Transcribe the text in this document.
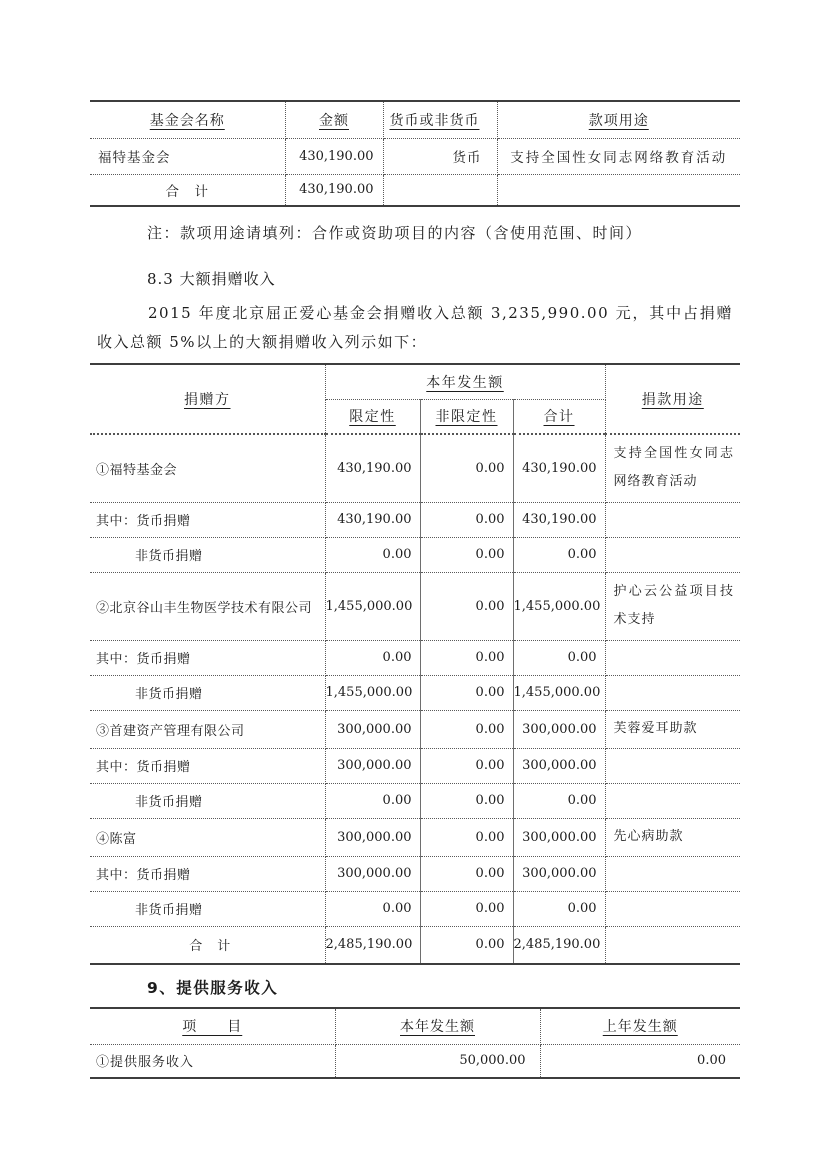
基金会名称	金额	货币或非货币	款项用途
福特基金会	430,190.00	货币	支持全国性女同志网络教育活动
合　计	430,190.00		
注：款项用途请填列：合作或资助项目的内容（含使用范围、时间）
8.3 大额捐赠收入
2015 年度北京屈正爱心基金会捐赠收入总额 3,235,990.00 元，其中占捐赠收入总额 5%以上的大额捐赠收入列示如下：
捐赠方	本年发生额			捐款用途
	限定性	非限定性	合计	
①福特基金会	430,190.00	0.00	430,190.00	支持全国性女同志网络教育活动
其中：货币捐赠	430,190.00	0.00	430,190.00	
非货币捐赠	0.00	0.00	0.00	
②北京谷山丰生物医学技术有限公司	1,455,000.00	0.00	1,455,000.00	护心云公益项目技术支持
其中：货币捐赠	0.00	0.00	0.00	
非货币捐赠	1,455,000.00	0.00	1,455,000.00	
③首建资产管理有限公司	300,000.00	0.00	300,000.00	芙蓉爱耳助款
其中：货币捐赠	300,000.00	0.00	300,000.00	
非货币捐赠	0.00	0.00	0.00	
④陈富	300,000.00	0.00	300,000.00	先心病助款
其中：货币捐赠	300,000.00	0.00	300,000.00	
非货币捐赠	0.00	0.00	0.00	
合　计	2,485,190.00	0.00	2,485,190.00	
9、提供服务收入
项　　目	本年发生额	上年发生额
①提供服务收入	50,000.00	0.00
